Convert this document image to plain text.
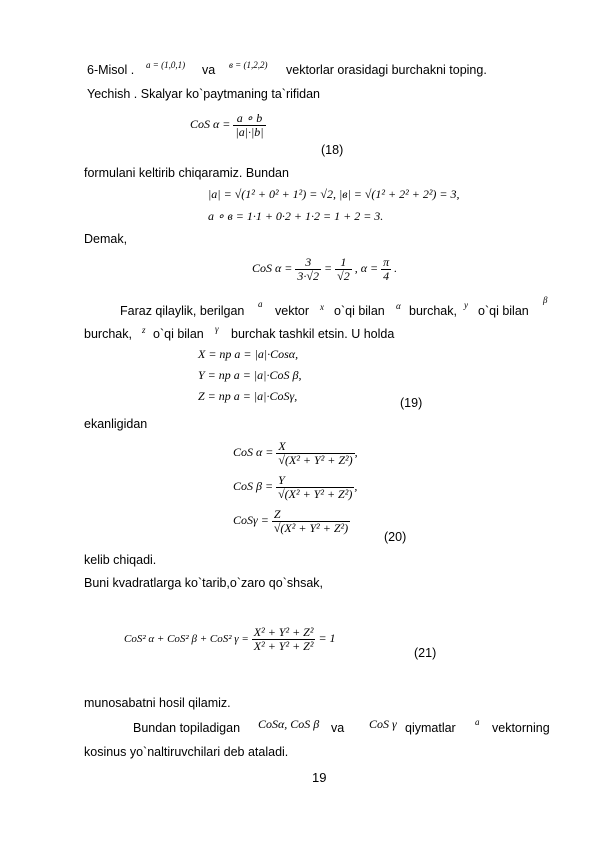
6-Misol . a = (1,0,1) va в = (1,2,2) vektorlar orasidagi burchakni toping.
Yechish . Skalyar ko`paytmaning ta`rifidan
CoS $\alpha = \frac{a \circ b}{|a|\cdot|b|}$
(18)
formulani keltirib chiqaramiz. Bundan
|a| = √(1² + 0² + 1²) = √2, |в| = √(1² + 2² + 2²) = 3,
a ∘ в = 1·1 + 0·2 + 1·2 = 1 + 2 = 3.
Demak,
CoS $\alpha = \frac{3}{3\cdot√2} = \frac{1}{√2}$ , $\alpha = \frac{\pi}{4}$ .
Faraz qilaylik, berilgan a vektor x o`qi bilan α burchak, y o`qi bilan
β
burchak, z o`qi bilan γ burchak tashkil etsin. U holda
X = np a = |a|·Cosα,
Y = np a = |a|·CoS β,
Z = np a = |a|·CoSγ,	(19)
ekanligidan
CoS $\alpha = \frac{X}{\text{√(X² + Y² + Z²)}}$ ,
CoS $\beta = \frac{Y}{\text{√(X² + Y² + Z²)}}$ ,
$CoS\gamma = \frac{Z}{\text{√(X² + Y² + Z²)}}$
(20)
kelib chiqadi.
Buni kvadratlarga ko`tarib,o`zaro qo`shsak,
CoS² α + CoS² β + CoS² $\gamma = \frac{\text{X² + Y² + Z²}}{\text{X² + Y² + Z²}} = 1$
(21)
munosabatni hosil qilamiz.
Bundan topiladigan CoSα, CoS β va CoS γ qiymatlar a vektorning
kosinus yo`naltiruvchilari deb ataladi.
19
